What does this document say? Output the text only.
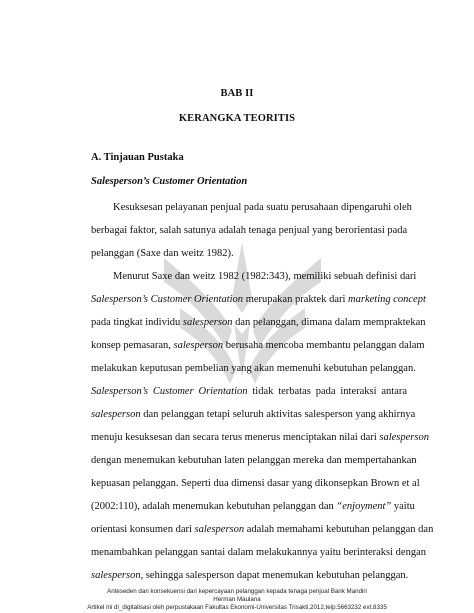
BAB II
KERANGKA TEORITIS
A. Tinjauan Pustaka
Salesperson’s Customer Orientation
Kesuksesan pelayanan penjual pada suatu perusahaan dipengaruhi oleh
berbagai faktor, salah satunya adalah tenaga penjual yang berorientasi pada
pelanggan (Saxe dan weitz 1982).
Menurut Saxe dan weitz 1982 (1982:343), memiliki sebuah definisi dari
Salesperson’s Customer Orientation merupakan praktek dari marketing concept
pada tingkat individu salesperson dan pelanggan, dimana dalam mempraktekan
konsep pemasaran, salesperson berusaha mencoba membantu pelanggan dalam
melakukan keputusan pembelian yang akan memenuhi kebutuhan pelanggan.
Salesperson’s Customer Orientation tidak terbatas pada interaksi antara
salesperson dan pelanggan tetapi seluruh aktivitas salesperson yang akhirnya
menuju kesuksesan dan secara terus menerus menciptakan nilai dari salesperson
dengan menemukan kebutuhan laten pelanggan mereka dan mempertahankan
kepuasan pelanggan. Seperti dua dimensi dasar yang dikonsepkan Brown et al
(2002:110), adalah menemukan kebutuhan pelanggan dan “enjoyment” yaitu
orientasi konsumen dari salesperson adalah memahami kebutuhan pelanggan dan
menambahkan pelanggan santai dalam melakukannya yaitu berinteraksi dengan
salesperson, sehingga salesperson dapat menemukan kebutuhan pelanggan.
Anteseden dan konsekuensi dari kepercayaan pelanggan kepada tenaga penjual Bank Mandiri
Herman Maulana
Artikel ini di_digitalisasi oleh perpustakaan Fakultas Ekonomi-Universitas Trisakti,2012,telp.5663232 ext.8335
